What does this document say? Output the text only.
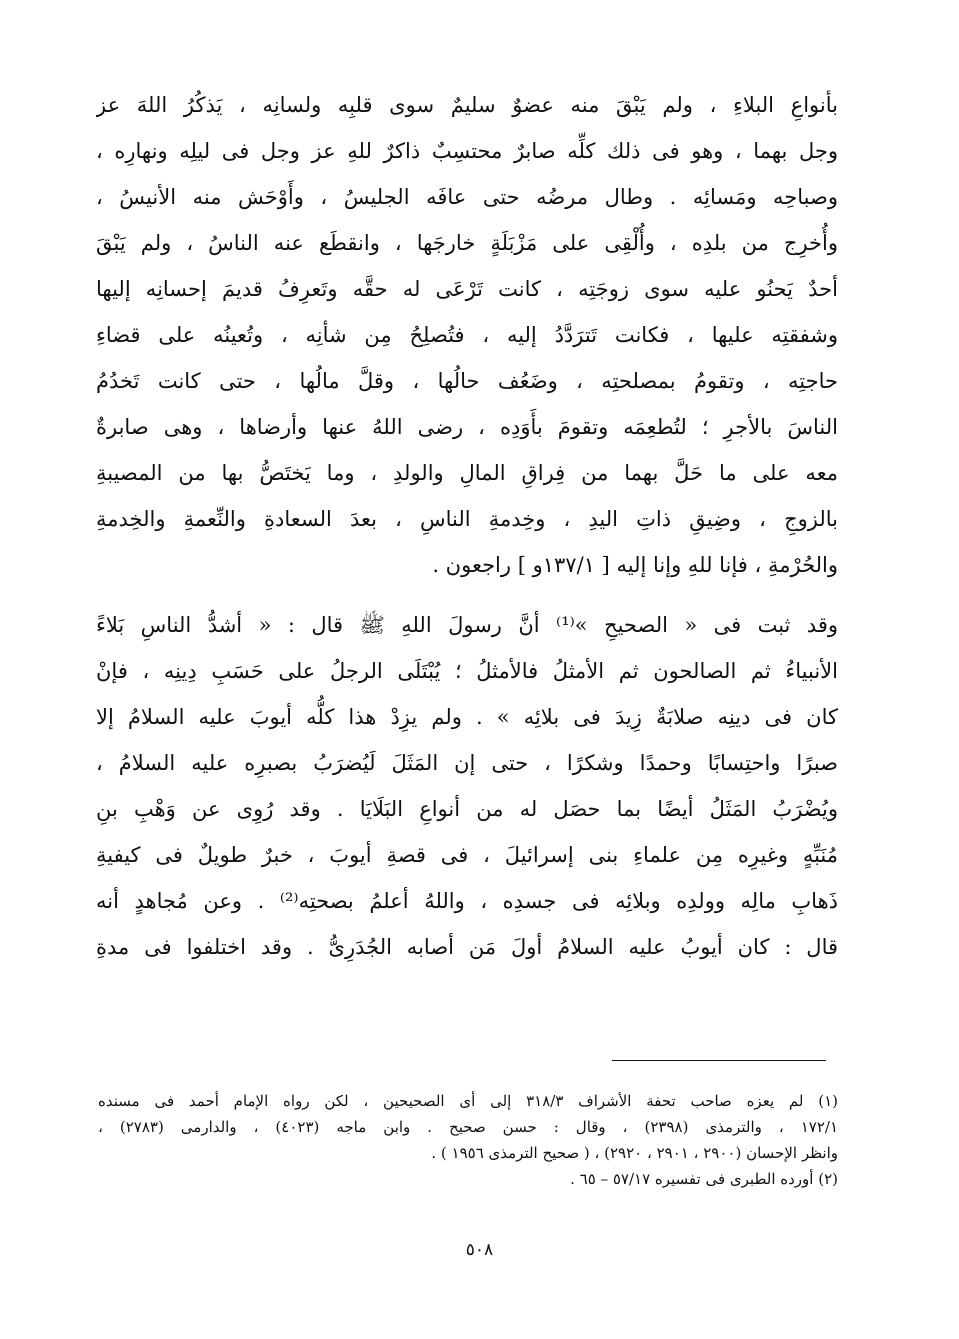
بأنواعِ البلاءِ ، ولم يَبْقَ منه عضوٌ سليمٌ سوى قلبِه ولسانِه ، يَذكُرُ اللهَ عز
وجل بهما ، وهو فى ذلك كلِّه صابرٌ محتسِبٌ ذاكرٌ للهِ عز وجل فى ليلِه ونهارِه ،
وصباحِه ومَسائِه . وطال مرضُه حتى عافَه الجليسُ ، وأَوْحَش منه الأنيسُ ،
وأُخرِج من بلدِه ، وأُلْقِى على مَزْبَلَةٍ خارجَها ، وانقطَع عنه الناسُ ، ولم يَبْقَ
أحدٌ يَحنُو عليه سوى زوجَتِه ، كانت تَرْعَى له حقَّه وتَعرِفُ قديمَ إحسانِه إليها
وشفقتِه عليها ، فكانت تَترَدَّدُ إليه ، فتُصلِحُ مِن شأنِه ، وتُعينُه على قضاءِ
حاجتِه ، وتقومُ بمصلحتِه ، وضَعُف حالُها ، وقلَّ مالُها ، حتى كانت تَخدُمُ
الناسَ بالأجرِ ؛ لتُطعِمَه وتقومَ بأَوَدِه ، رضى اللهُ عنها وأرضاها ، وهى صابرةٌ
معه على ما حَلَّ بهما من فِراقِ المالِ والولدِ ، وما يَختَصُّ بها من المصيبةِ
بالزوجِ ، وضِيقِ ذاتِ اليدِ ، وخِدمةِ الناسِ ، بعدَ السعادةِ والنِّعمةِ والخِدمةِ
والحُرْمةِ ، فإنا للهِ وإنا إليه [ ١٣٧/١و ] راجعون .
وقد ثبت فى « الصحيحِ »⁽¹⁾ أنَّ رسولَ اللهِ ﷺ قال : « أشدُّ الناسِ بَلاءً
الأنبياءُ ثم الصالحون ثم الأمثلُ فالأمثلُ ؛ يُبْتَلَى الرجلُ على حَسَبِ دِينِه ، فإنْ
كان فى دينِه صلابَةٌ زِيدَ فى بلائِه » . ولم يزِدْ هذا كلُّه أيوبَ عليه السلامُ إلا
صبرًا واحتِسابًا وحمدًا وشكرًا ، حتى إن المَثَلَ لَيُضرَبُ بصبرِه عليه السلامُ ،
ويُضْرَبُ المَثَلُ أيضًا بما حصَل له من أنواعِ البَلَايَا . وقد رُوِى عن وَهْبِ بنِ
مُنَبِّهٍ وغيرِه مِن علماءِ بنى إسرائيلَ ، فى قصةِ أيوبَ ، خبرٌ طويلٌ فى كيفيةِ
ذَهابِ مالِه وولدِه وبلائِه فى جسدِه ، واللهُ أعلمُ بصحتِه⁽²⁾ . وعن مُجاهدٍ أنه
قال : كان أيوبُ عليه السلامُ أولَ مَن أصابه الجُدَرِىُّ . وقد اختلفوا فى مدةِ
(١) لم يعزه صاحب تحفة الأشراف ٣١٨/٣ إلى أى الصحيحين ، لكن رواه الإمام أحمد فى مسنده
١٧٢/١ ، والترمذى (٢٣٩٨) ، وقال : حسن صحيح . وابن ماجه (٤٠٢٣) ، والدارمى (٢٧٨٣) ،
وانظر الإحسان (٢٩٠٠ ، ٢٩٠١ ، ٢٩٢٠) ، ( صحيح الترمذى ١٩٥٦ ) .
(٢) أورده الطبرى فى تفسيره ٥٧/١٧ – ٦٥ .
٥٠٨
